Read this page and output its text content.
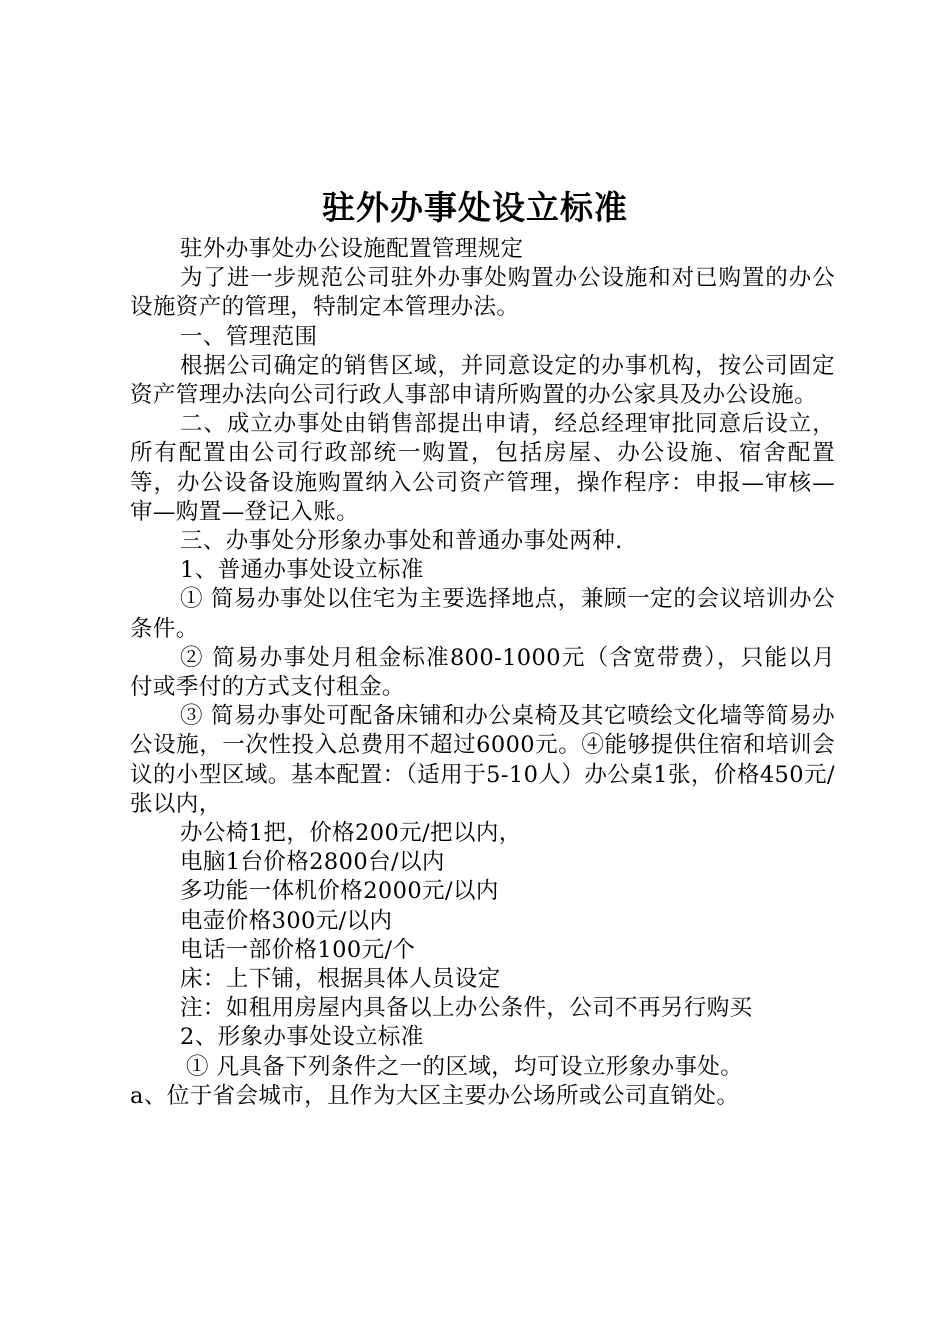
驻外办事处设立标准

驻外办事处办公设施配置管理规定

为了进一步规范公司驻外办事处购置办公设施和对已购置的办公设施资产的管理，特制定本管理办法。

一、管理范围

根据公司确定的销售区域，并同意设定的办事机构，按公司固定资产管理办法向公司行政人事部申请所购置的办公家具及办公设施。

二、成立办事处由销售部提出申请，经总经理审批同意后设立，所有配置由公司行政部统一购置，包括房屋、办公设施、宿舍配置等，办公设备设施购置纳入公司资产管理，操作程序：申报—审核—审—购置—登记入账。

三、办事处分形象办事处和普通办事处两种.

1、普通办事处设立标准

① 简易办事处以住宅为主要选择地点，兼顾一定的会议培训办公条件。

② 简易办事处月租金标准800-1000元（含宽带费），只能以月付或季付的方式支付租金。

③ 简易办事处可配备床铺和办公桌椅及其它喷绘文化墙等简易办公设施，一次性投入总费用不超过6000元。④能够提供住宿和培训会议的小型区域。基本配置：（适用于5-10人）办公桌1张，价格450元/张以内，

办公椅1把，价格200元/把以内，

电脑1台价格2800台/以内

多功能一体机价格2000元/以内

电壶价格300元/以内

电话一部价格100元/个

床：上下铺，根据具体人员设定

注：如租用房屋内具备以上办公条件，公司不再另行购买

2、形象办事处设立标准

① 凡具备下列条件之一的区域，均可设立形象办事处。

a、位于省会城市，且作为大区主要办公场所或公司直销处。
